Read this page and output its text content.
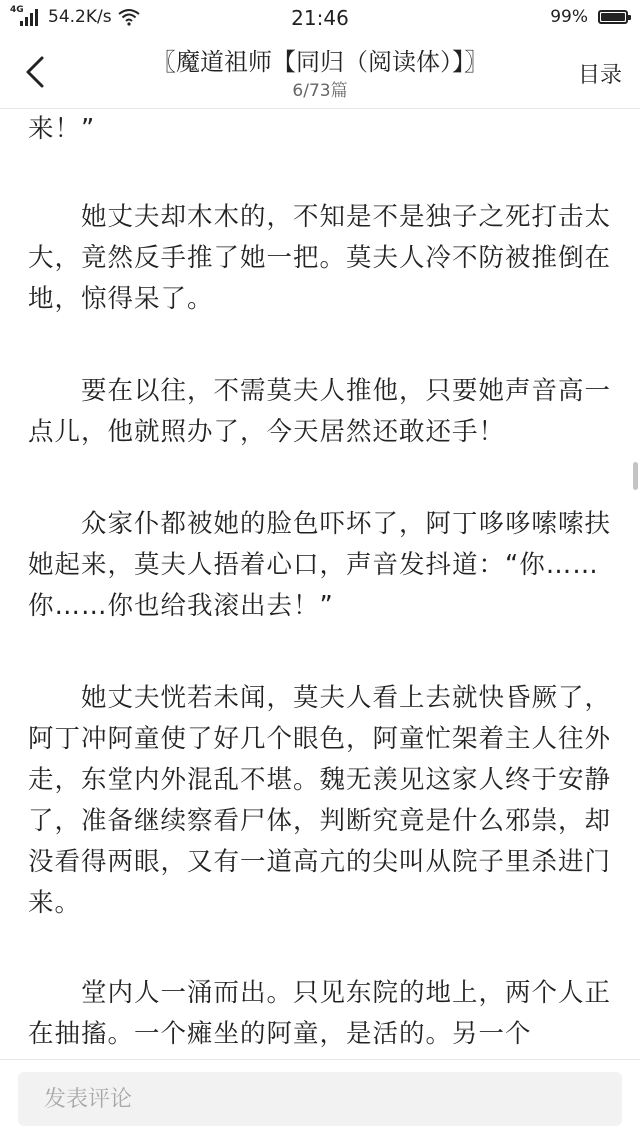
4G 54.2K/s	21:46	99%
〖魔道祖师【同归（阅读体）】〗
6/73篇
目录

来！”

　　她丈夫却木木的，不知是不是独子之死打击太大，竟然反手推了她一把。莫夫人冷不防被推倒在地，惊得呆了。

　　要在以往，不需莫夫人推他，只要她声音高一点儿，他就照办了，今天居然还敢还手！

　　众家仆都被她的脸色吓坏了，阿丁哆哆嗦嗦扶她起来，莫夫人捂着心口，声音发抖道：“你……你……你也给我滚出去！”

　　她丈夫恍若未闻，莫夫人看上去就快昏厥了，阿丁冲阿童使了好几个眼色，阿童忙架着主人往外走，东堂内外混乱不堪。魏无羡见这家人终于安静了，准备继续察看尸体，判断究竟是什么邪祟，却没看得两眼，又有一道高亢的尖叫从院子里杀进门来。

　　堂内人一涌而出。只见东院的地上，两个人正在抽搐。一个瘫坐的阿童，是活的。另一个

发表评论
